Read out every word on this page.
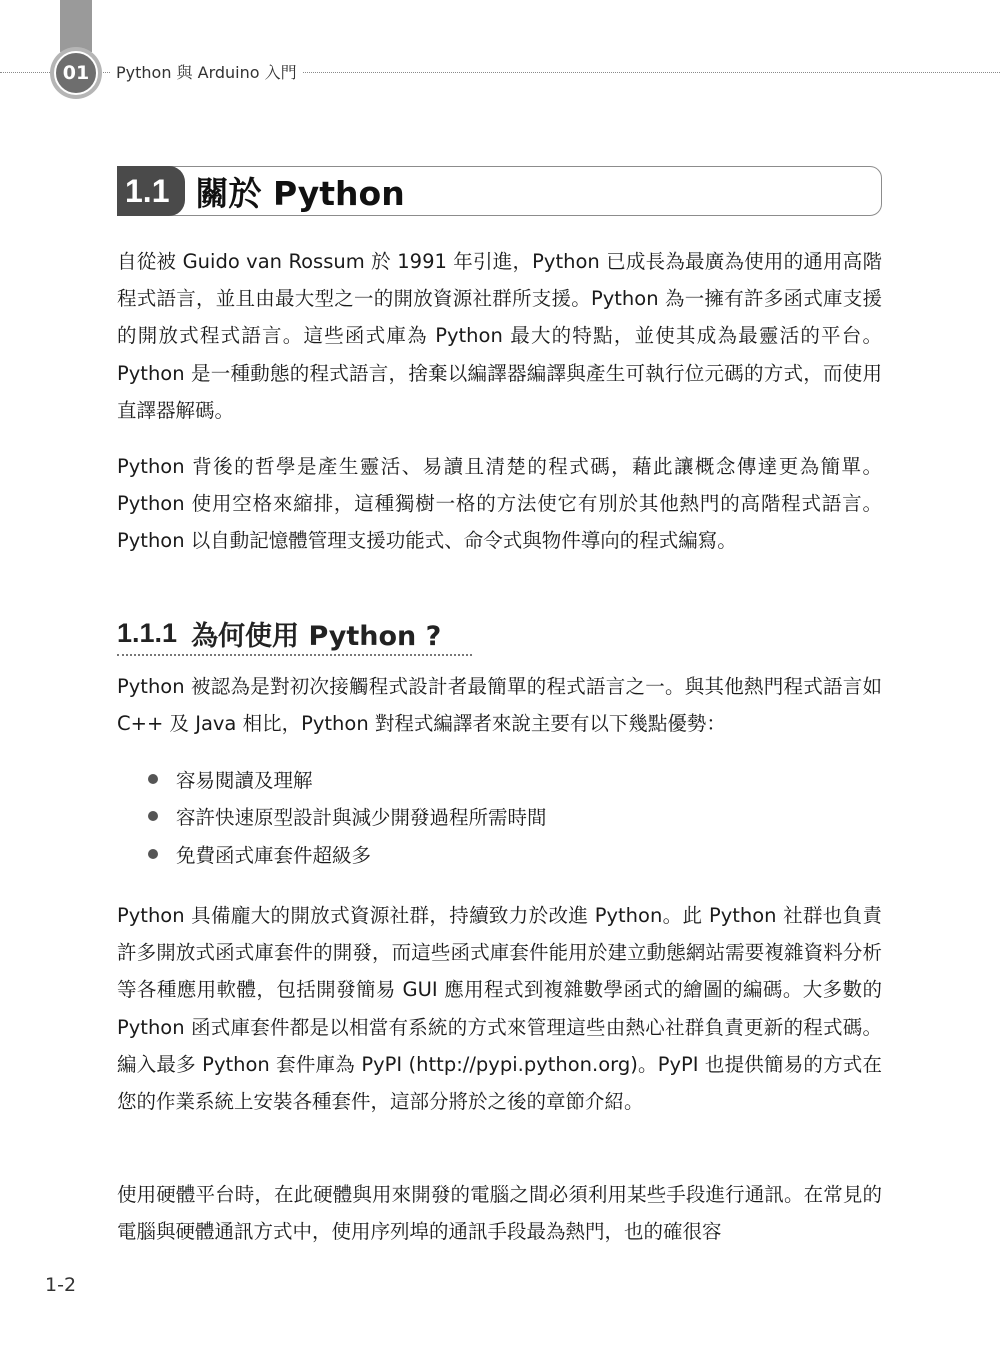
01	Python 與 Arduino 入門
1.1 關於 Python

自從被 Guido van Rossum 於 1991 年引進，Python 已成長為最廣為使用的通用高階程式語言，並且由最大型之一的開放資源社群所支援。Python 為一擁有許多函式庫支援的開放式程式語言。這些函式庫為 Python 最大的特點，並使其成為最靈活的平台。Python 是一種動態的程式語言，捨棄以編譯器編譯與產生可執行位元碼的方式，而使用直譯器解碼。

Python 背後的哲學是產生靈活、易讀且清楚的程式碼，藉此讓概念傳達更為簡單。Python 使用空格來縮排，這種獨樹一格的方法使它有別於其他熱門的高階程式語言。Python 以自動記憶體管理支援功能式、命令式與物件導向的程式編寫。

1.1.1 為何使用 Python ?

Python 被認為是對初次接觸程式設計者最簡單的程式語言之一。與其他熱門程式語言如 C++ 及 Java 相比，Python 對程式編譯者來說主要有以下幾點優勢：

容易閱讀及理解
容許快速原型設計與減少開發過程所需時間
免費函式庫套件超級多

Python 具備龐大的開放式資源社群，持續致力於改進 Python。此 Python 社群也負責許多開放式函式庫套件的開發，而這些函式庫套件能用於建立動態網站需要複雜資料分析等各種應用軟體，包括開發簡易 GUI 應用程式到複雜數學函式的繪圖的編碼。大多數的 Python 函式庫套件都是以相當有系統的方式來管理這些由熱心社群負責更新的程式碼。編入最多 Python 套件庫為 PyPI (http://pypi.python.org)。PyPI 也提供簡易的方式在您的作業系統上安裝各種套件，這部分將於之後的章節介紹。

使用硬體平台時，在此硬體與用來開發的電腦之間必須利用某些手段進行通訊。在常見的電腦與硬體通訊方式中，使用序列埠的通訊手段最為熱門，也的確很容

1-2
